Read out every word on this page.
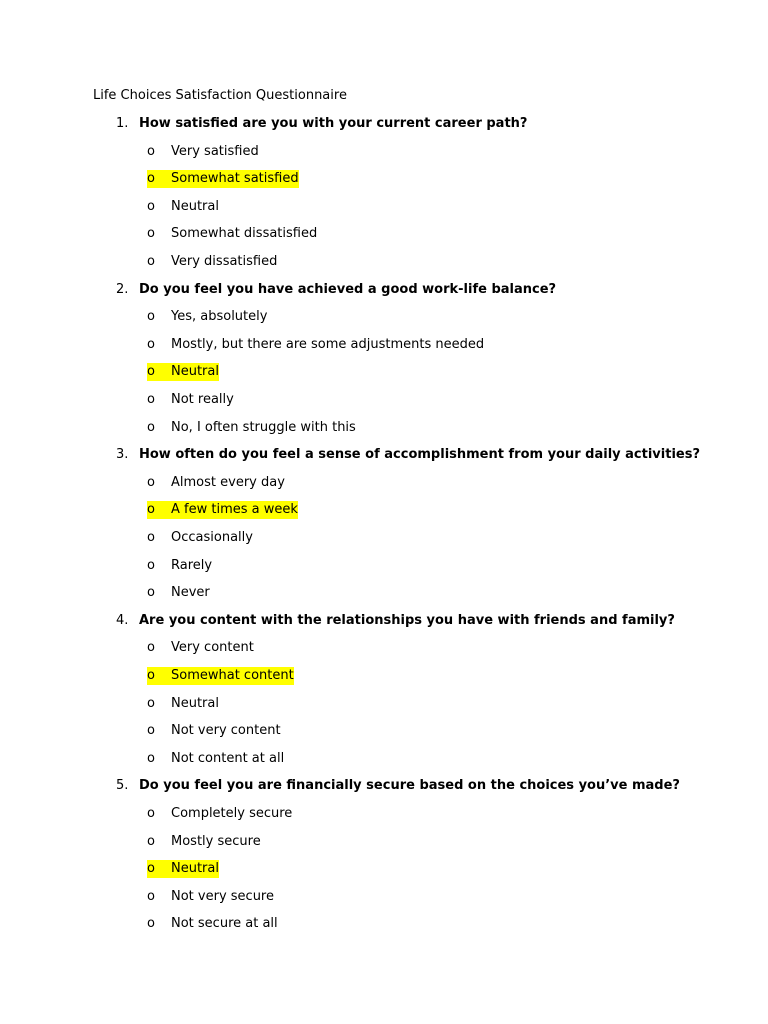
Life Choices Satisfaction Questionnaire
1. How satisfied are you with your current career path?
o Very satisfied
o Somewhat satisfied
o Neutral
o Somewhat dissatisfied
o Very dissatisfied
2. Do you feel you have achieved a good work-life balance?
o Yes, absolutely
o Mostly, but there are some adjustments needed
o Neutral
o Not really
o No, I often struggle with this
3. How often do you feel a sense of accomplishment from your daily activities?
o Almost every day
o A few times a week
o Occasionally
o Rarely
o Never
4. Are you content with the relationships you have with friends and family?
o Very content
o Somewhat content
o Neutral
o Not very content
o Not content at all
5. Do you feel you are financially secure based on the choices you’ve made?
o Completely secure
o Mostly secure
o Neutral
o Not very secure
o Not secure at all
